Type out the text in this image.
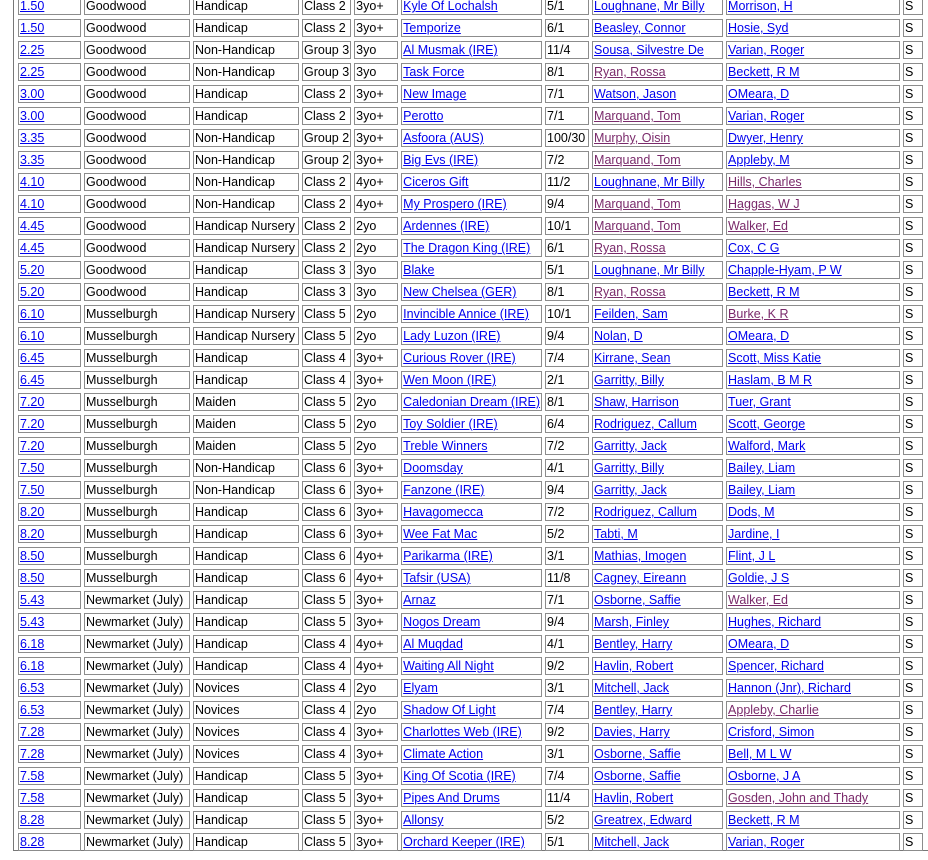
1.50	Goodwood	Handicap	Class 2	3yo+	Kyle Of Lochalsh	5/1	Loughnane, Mr Billy	Morrison, H	S
1.50	Goodwood	Handicap	Class 2	3yo+	Temporize	6/1	Beasley, Connor	Hosie, Syd	S
2.25	Goodwood	Non-Handicap	Group 3	3yo	Al Musmak (IRE)	11/4	Sousa, Silvestre De	Varian, Roger	S
2.25	Goodwood	Non-Handicap	Group 3	3yo	Task Force	8/1	Ryan, Rossa	Beckett, R M	S
3.00	Goodwood	Handicap	Class 2	3yo+	New Image	7/1	Watson, Jason	OMeara, D	S
3.00	Goodwood	Handicap	Class 2	3yo+	Perotto	7/1	Marquand, Tom	Varian, Roger	S
3.35	Goodwood	Non-Handicap	Group 2	3yo+	Asfoora (AUS)	100/30	Murphy, Oisin	Dwyer, Henry	S
3.35	Goodwood	Non-Handicap	Group 2	3yo+	Big Evs (IRE)	7/2	Marquand, Tom	Appleby, M	S
4.10	Goodwood	Non-Handicap	Class 2	4yo+	Ciceros Gift	11/2	Loughnane, Mr Billy	Hills, Charles	S
4.10	Goodwood	Non-Handicap	Class 2	4yo+	My Prospero (IRE)	9/4	Marquand, Tom	Haggas, W J	S
4.45	Goodwood	Handicap Nursery	Class 2	2yo	Ardennes (IRE)	10/1	Marquand, Tom	Walker, Ed	S
4.45	Goodwood	Handicap Nursery	Class 2	2yo	The Dragon King (IRE)	6/1	Ryan, Rossa	Cox, C G	S
5.20	Goodwood	Handicap	Class 3	3yo	Blake	5/1	Loughnane, Mr Billy	Chapple-Hyam, P W	S
5.20	Goodwood	Handicap	Class 3	3yo	New Chelsea (GER)	8/1	Ryan, Rossa	Beckett, R M	S
6.10	Musselburgh	Handicap Nursery	Class 5	2yo	Invincible Annice (IRE)	10/1	Feilden, Sam	Burke, K R	S
6.10	Musselburgh	Handicap Nursery	Class 5	2yo	Lady Luzon (IRE)	9/4	Nolan, D	OMeara, D	S
6.45	Musselburgh	Handicap	Class 4	3yo+	Curious Rover (IRE)	7/4	Kirrane, Sean	Scott, Miss Katie	S
6.45	Musselburgh	Handicap	Class 4	3yo+	Wen Moon (IRE)	2/1	Garritty, Billy	Haslam, B M R	S
7.20	Musselburgh	Maiden	Class 5	2yo	Caledonian Dream (IRE)	8/1	Shaw, Harrison	Tuer, Grant	S
7.20	Musselburgh	Maiden	Class 5	2yo	Toy Soldier (IRE)	6/4	Rodriguez, Callum	Scott, George	S
7.20	Musselburgh	Maiden	Class 5	2yo	Treble Winners	7/2	Garritty, Jack	Walford, Mark	S
7.50	Musselburgh	Non-Handicap	Class 6	3yo+	Doomsday	4/1	Garritty, Billy	Bailey, Liam	S
7.50	Musselburgh	Non-Handicap	Class 6	3yo+	Fanzone (IRE)	9/4	Garritty, Jack	Bailey, Liam	S
8.20	Musselburgh	Handicap	Class 6	3yo+	Havagomecca	7/2	Rodriguez, Callum	Dods, M	S
8.20	Musselburgh	Handicap	Class 6	3yo+	Wee Fat Mac	5/2	Tabti, M	Jardine, I	S
8.50	Musselburgh	Handicap	Class 6	4yo+	Parikarma (IRE)	3/1	Mathias, Imogen	Flint, J L	S
8.50	Musselburgh	Handicap	Class 6	4yo+	Tafsir (USA)	11/8	Cagney, Eireann	Goldie, J S	S
5.43	Newmarket (July)	Handicap	Class 5	3yo+	Arnaz	7/1	Osborne, Saffie	Walker, Ed	S
5.43	Newmarket (July)	Handicap	Class 5	3yo+	Nogos Dream	9/4	Marsh, Finley	Hughes, Richard	S
6.18	Newmarket (July)	Handicap	Class 4	4yo+	Al Muqdad	4/1	Bentley, Harry	OMeara, D	S
6.18	Newmarket (July)	Handicap	Class 4	4yo+	Waiting All Night	9/2	Havlin, Robert	Spencer, Richard	S
6.53	Newmarket (July)	Novices	Class 4	2yo	Elyam	3/1	Mitchell, Jack	Hannon (Jnr), Richard	S
6.53	Newmarket (July)	Novices	Class 4	2yo	Shadow Of Light	7/4	Bentley, Harry	Appleby, Charlie	S
7.28	Newmarket (July)	Novices	Class 4	3yo+	Charlottes Web (IRE)	9/2	Davies, Harry	Crisford, Simon	S
7.28	Newmarket (July)	Novices	Class 4	3yo+	Climate Action	3/1	Osborne, Saffie	Bell, M L W	S
7.58	Newmarket (July)	Handicap	Class 5	3yo+	King Of Scotia (IRE)	7/4	Osborne, Saffie	Osborne, J A	S
7.58	Newmarket (July)	Handicap	Class 5	3yo+	Pipes And Drums	11/4	Havlin, Robert	Gosden, John and Thady	S
8.28	Newmarket (July)	Handicap	Class 5	3yo+	Allonsy	5/2	Greatrex, Edward	Beckett, R M	S
8.28	Newmarket (July)	Handicap	Class 5	3yo+	Orchard Keeper (IRE)	5/1	Mitchell, Jack	Varian, Roger	S
